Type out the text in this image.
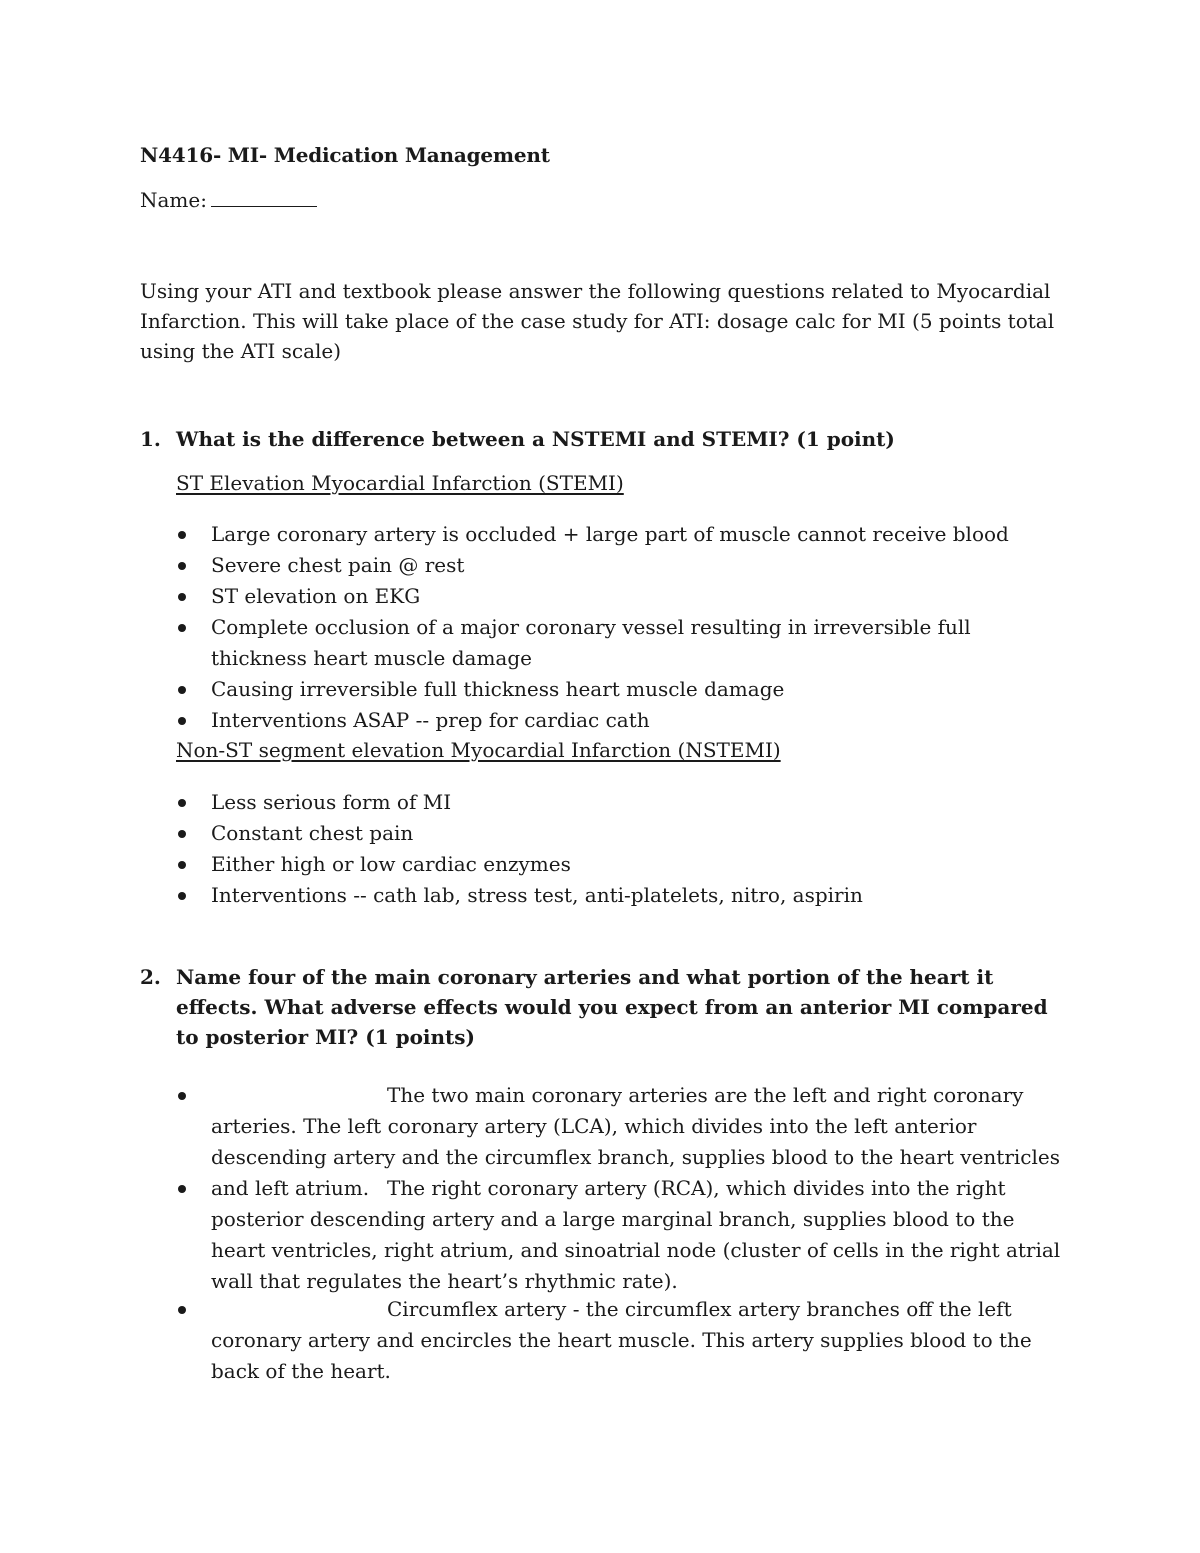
N4416- MI- Medication Management
Name:
Using your ATI and textbook please answer the following questions related to Myocardial Infarction. This will take place of the case study for ATI: dosage calc for MI (5 points total using the ATI scale)
1. What is the difference between a NSTEMI and STEMI? (1 point)
ST Elevation Myocardial Infarction (STEMI)
Large coronary artery is occluded + large part of muscle cannot receive blood
Severe chest pain @ rest
ST elevation on EKG
Complete occlusion of a major coronary vessel resulting in irreversible full thickness heart muscle damage
Causing irreversible full thickness heart muscle damage
Interventions ASAP -- prep for cardiac cath
Non-ST segment elevation Myocardial Infarction (NSTEMI)
Less serious form of MI
Constant chest pain
Either high or low cardiac enzymes
Interventions -- cath lab, stress test, anti-platelets, nitro, aspirin
2. Name four of the main coronary arteries and what portion of the heart it effects. What adverse effects would you expect from an anterior MI compared to posterior MI? (1 points)
The two main coronary arteries are the left and right coronary arteries. The left coronary artery (LCA), which divides into the left anterior descending artery and the circumflex branch, supplies blood to the heart ventricles and left atrium. The right coronary artery (RCA), which divides into the right posterior descending artery and a large marginal branch, supplies blood to the heart ventricles, right atrium, and sinoatrial node (cluster of cells in the right atrial wall that regulates the heart’s rhythmic rate).
Circumflex artery - the circumflex artery branches off the left coronary artery and encircles the heart muscle. This artery supplies blood to the back of the heart.
